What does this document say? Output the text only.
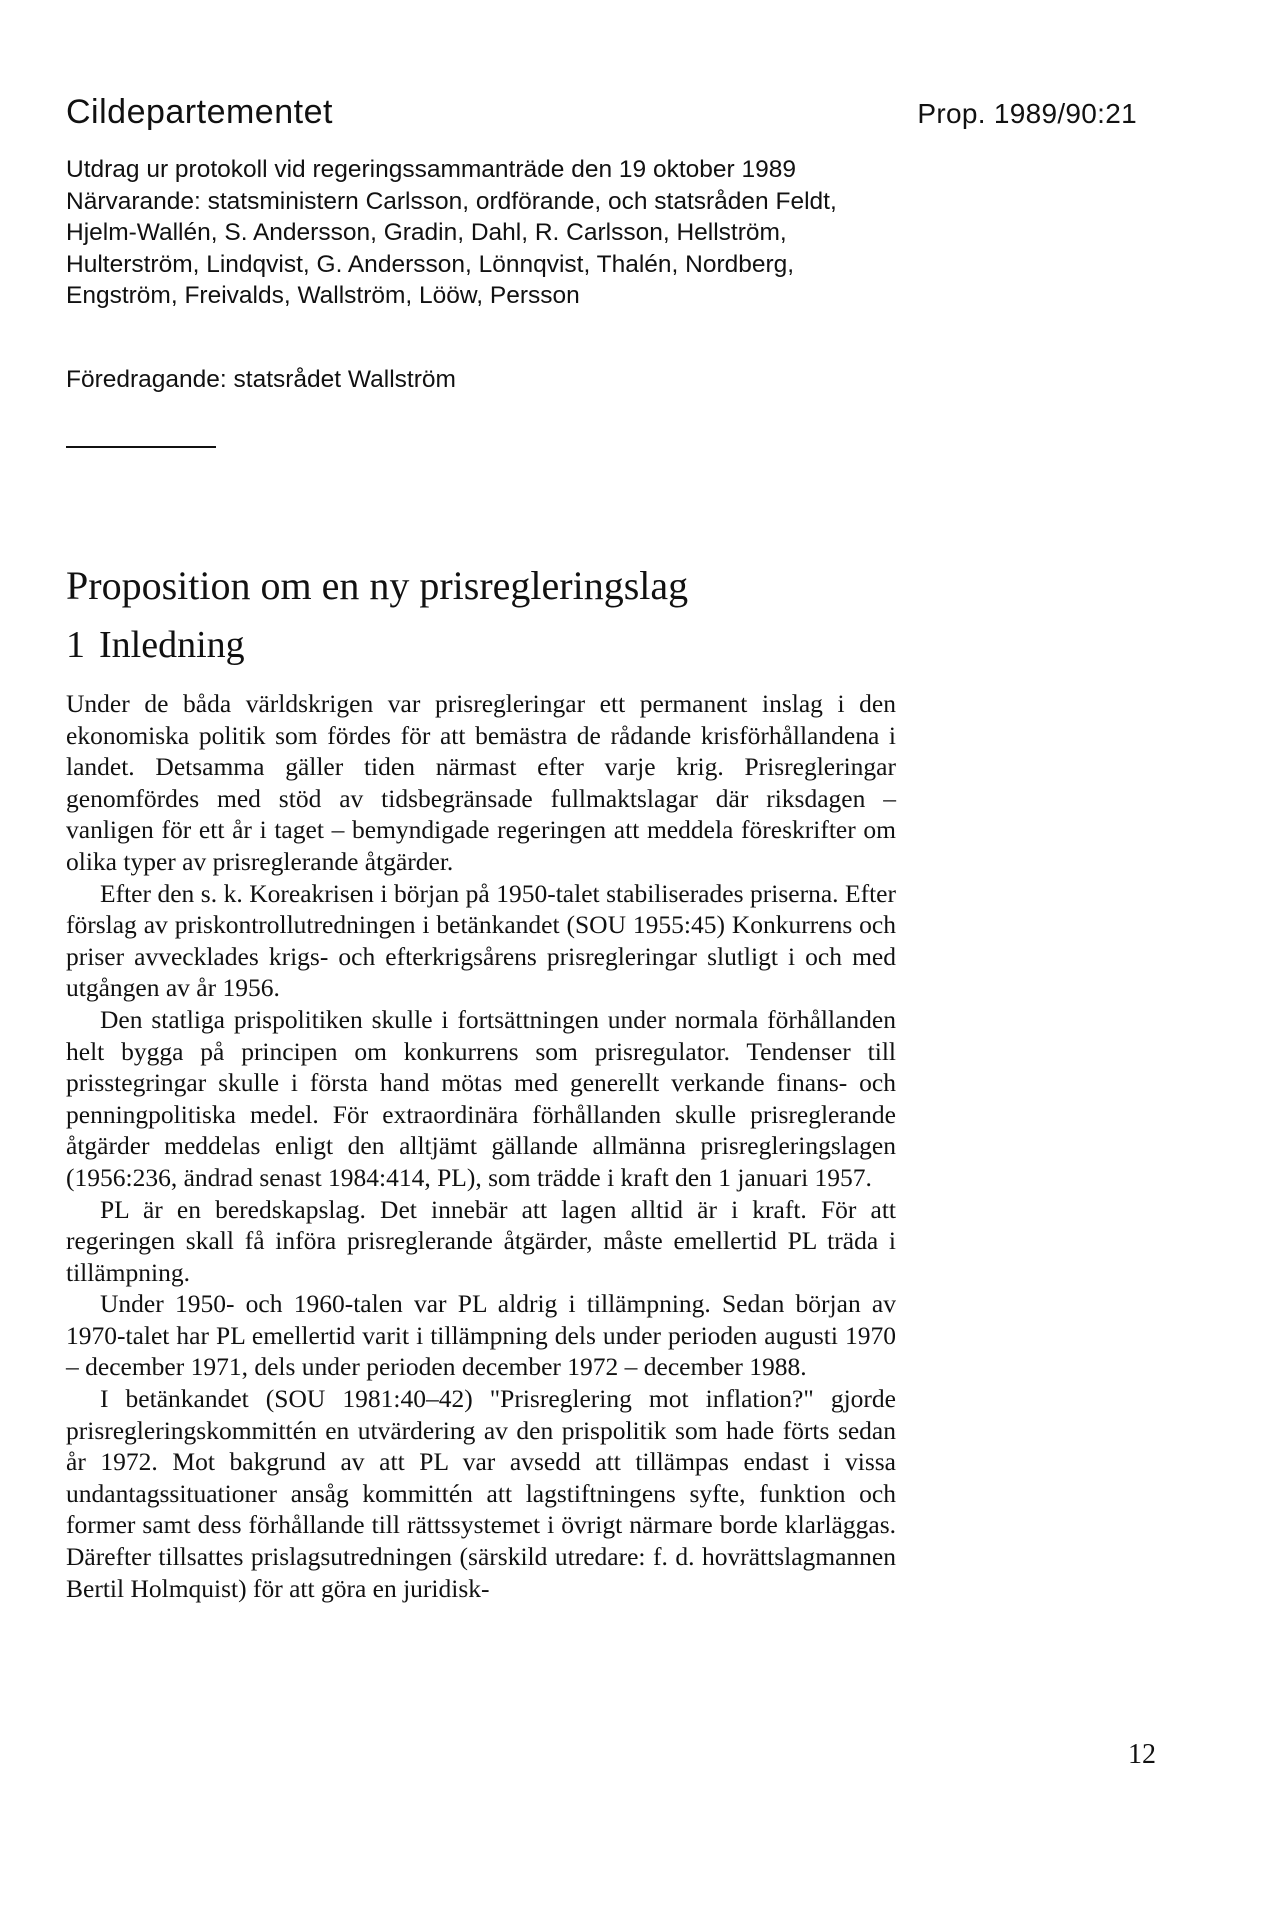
Cildepartementet	Prop. 1989/90:21
Utdrag ur protokoll vid regeringssammanträde den 19 oktober 1989
Närvarande: statsministern Carlsson, ordförande, och statsråden Feldt,
Hjelm-Wallén, S. Andersson, Gradin, Dahl, R. Carlsson, Hellström,
Hulterström, Lindqvist, G. Andersson, Lönnqvist, Thalén, Nordberg,
Engström, Freivalds, Wallström, Lööw, Persson
Föredragande: statsrådet Wallström
Proposition om en ny prisregleringslag
1 Inledning

Under de båda världskrigen var prisregleringar ett permanent inslag i den ekonomiska politik som fördes för att bemästra de rådande krisförhållandena i landet. Detsamma gäller tiden närmast efter varje krig. Prisregleringar genomfördes med stöd av tidsbegränsade fullmaktslagar där riksdagen – vanligen för ett år i taget – bemyndigade regeringen att meddela föreskrifter om olika typer av prisreglerande åtgärder.

Efter den s. k. Koreakrisen i början på 1950-talet stabiliserades priserna. Efter förslag av priskontrollutredningen i betänkandet (SOU 1955:45) Konkurrens och priser avvecklades krigs- och efterkrigsårens prisregleringar slutligt i och med utgången av år 1956.

Den statliga prispolitiken skulle i fortsättningen under normala förhållanden helt bygga på principen om konkurrens som prisregulator. Tendenser till prisstegringar skulle i första hand mötas med generellt verkande finans- och penningpolitiska medel. För extraordinära förhållanden skulle prisreglerande åtgärder meddelas enligt den alltjämt gällande allmänna prisregleringslagen (1956:236, ändrad senast 1984:414, PL), som trädde i kraft den 1 januari 1957.

PL är en beredskapslag. Det innebär att lagen alltid är i kraft. För att regeringen skall få införa prisreglerande åtgärder, måste emellertid PL träda i tillämpning.

Under 1950- och 1960-talen var PL aldrig i tillämpning. Sedan början av 1970-talet har PL emellertid varit i tillämpning dels under perioden augusti 1970 – december 1971, dels under perioden december 1972 – december 1988.

I betänkandet (SOU 1981:40–42) "Prisreglering mot inflation?" gjorde prisregleringskommittén en utvärdering av den prispolitik som hade förts sedan år 1972. Mot bakgrund av att PL var avsedd att tillämpas endast i vissa undantagssituationer ansåg kommittén att lagstiftningens syfte, funktion och former samt dess förhållande till rättssystemet i övrigt närmare borde klarläggas. Därefter tillsattes prislagsutredningen (särskild utredare: f. d. hovrättslagmannen Bertil Holmquist) för att göra en juridisk-

12
